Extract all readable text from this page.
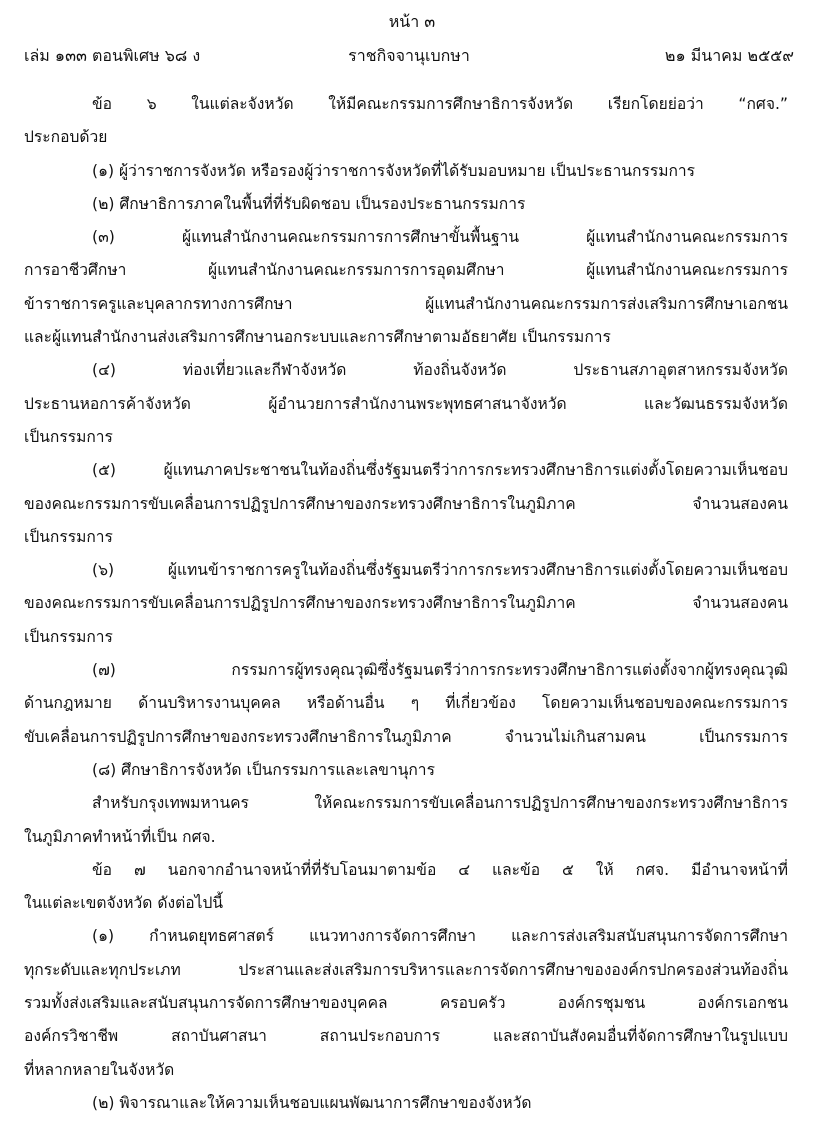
หน้า ๓
เล่ม ๑๓๓ ตอนพิเศษ ๖๘ ง	ราชกิจจานุเบกษา	๒๑ มีนาคม ๒๕๕๙
ข้อ ๖ ในแต่ละจังหวัด ให้มีคณะกรรมการศึกษาธิการจังหวัด เรียกโดยย่อว่า “กศจ.”
ประกอบด้วย
(๑) ผู้ว่าราชการจังหวัด หรือรองผู้ว่าราชการจังหวัดที่ได้รับมอบหมาย เป็นประธานกรรมการ
(๒) ศึกษาธิการภาคในพื้นที่ที่รับผิดชอบ เป็นรองประธานกรรมการ
(๓) ผู้แทนสำนักงานคณะกรรมการการศึกษาขั้นพื้นฐาน ผู้แทนสำนักงานคณะกรรมการ
การอาชีวศึกษา ผู้แทนสำนักงานคณะกรรมการการอุดมศึกษา ผู้แทนสำนักงานคณะกรรมการ
ข้าราชการครูและบุคลากรทางการศึกษา ผู้แทนสำนักงานคณะกรรมการส่งเสริมการศึกษาเอกชน
และผู้แทนสำนักงานส่งเสริมการศึกษานอกระบบและการศึกษาตามอัธยาศัย เป็นกรรมการ
(๔) ท่องเที่ยวและกีฬาจังหวัด ท้องถิ่นจังหวัด ประธานสภาอุตสาหกรรมจังหวัด
ประธานหอการค้าจังหวัด ผู้อำนวยการสำนักงานพระพุทธศาสนาจังหวัด และวัฒนธรรมจังหวัด
เป็นกรรมการ
(๕) ผู้แทนภาคประชาชนในท้องถิ่นซึ่งรัฐมนตรีว่าการกระทรวงศึกษาธิการแต่งตั้งโดยความเห็นชอบ
ของคณะกรรมการขับเคลื่อนการปฏิรูปการศึกษาของกระทรวงศึกษาธิการในภูมิภาค จำนวนสองคน
เป็นกรรมการ
(๖) ผู้แทนข้าราชการครูในท้องถิ่นซึ่งรัฐมนตรีว่าการกระทรวงศึกษาธิการแต่งตั้งโดยความเห็นชอบ
ของคณะกรรมการขับเคลื่อนการปฏิรูปการศึกษาของกระทรวงศึกษาธิการในภูมิภาค จำนวนสองคน
เป็นกรรมการ
(๗) กรรมการผู้ทรงคุณวุฒิซึ่งรัฐมนตรีว่าการกระทรวงศึกษาธิการแต่งตั้งจากผู้ทรงคุณวุฒิ
ด้านกฎหมาย ด้านบริหารงานบุคคล หรือด้านอื่น ๆ ที่เกี่ยวข้อง โดยความเห็นชอบของคณะกรรมการ
ขับเคลื่อนการปฏิรูปการศึกษาของกระทรวงศึกษาธิการในภูมิภาค จำนวนไม่เกินสามคน เป็นกรรมการ
(๘) ศึกษาธิการจังหวัด เป็นกรรมการและเลขานุการ
สำหรับกรุงเทพมหานคร ให้คณะกรรมการขับเคลื่อนการปฏิรูปการศึกษาของกระทรวงศึกษาธิการ
ในภูมิภาคทำหน้าที่เป็น กศจ.
ข้อ ๗ นอกจากอำนาจหน้าที่ที่รับโอนมาตามข้อ ๔ และข้อ ๕ ให้ กศจ. มีอำนาจหน้าที่
ในแต่ละเขตจังหวัด ดังต่อไปนี้
(๑) กำหนดยุทธศาสตร์ แนวทางการจัดการศึกษา และการส่งเสริมสนับสนุนการจัดการศึกษา
ทุกระดับและทุกประเภท ประสานและส่งเสริมการบริหารและการจัดการศึกษาขององค์กรปกครองส่วนท้องถิ่น
รวมทั้งส่งเสริมและสนับสนุนการจัดการศึกษาของบุคคล ครอบครัว องค์กรชุมชน องค์กรเอกชน
องค์กรวิชาชีพ สถาบันศาสนา สถานประกอบการ และสถาบันสังคมอื่นที่จัดการศึกษาในรูปแบบ
ที่หลากหลายในจังหวัด
(๒) พิจารณาและให้ความเห็นชอบแผนพัฒนาการศึกษาของจังหวัด
